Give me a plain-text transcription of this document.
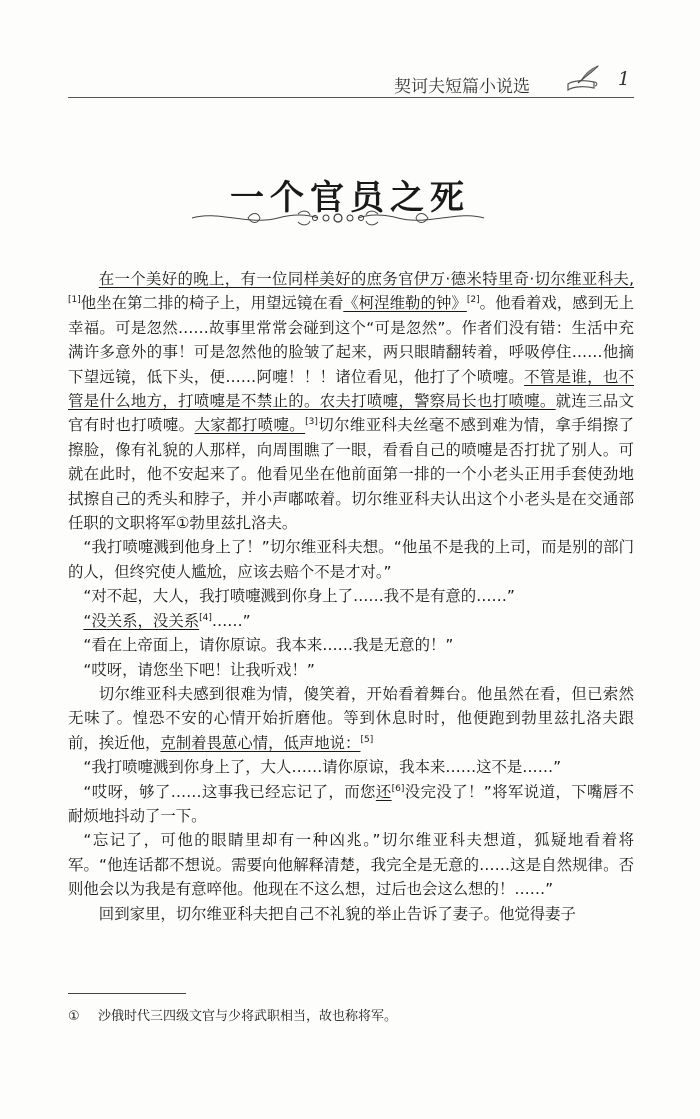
契诃夫短篇小说选	1
一个官员之死

在一个美好的晚上，有一位同样美好的庶务官伊万·德米特里奇·切尔维亚科夫,[1]他坐在第二排的椅子上，用望远镜在看《柯涅维勒的钟》[2]。他看着戏，感到无上幸福。可是忽然……故事里常常会碰到这个“可是忽然”。作者们没有错：生活中充满许多意外的事！可是忽然他的脸皱了起来，两只眼睛翻转着，呼吸停住……他摘下望远镜，低下头，便……阿嚏！！！诸位看见，他打了个喷嚏。不管是谁，也不管是什么地方，打喷嚏是不禁止的。农夫打喷嚏，警察局长也打喷嚏。就连三品文官有时也打喷嚏。大家都打喷嚏。[3]切尔维亚科夫丝毫不感到难为情，拿手绢擦了擦脸，像有礼貌的人那样，向周围瞧了一眼，看看自己的喷嚏是否打扰了别人。可就在此时，他不安起来了。他看见坐在他前面第一排的一个小老头正用手套使劲地拭擦自己的秃头和脖子，并小声嘟哝着。切尔维亚科夫认出这个小老头是在交通部任职的文职将军①勃里兹扎洛夫。

“我打喷嚏溅到他身上了！”切尔维亚科夫想。“他虽不是我的上司，而是别的部门的人，但终究使人尴尬，应该去赔个不是才对。”

“对不起，大人，我打喷嚏溅到你身上了……我不是有意的……”

“没关系，没关系[4]……”

“看在上帝面上，请你原谅。我本来……我是无意的！”

“哎呀，请您坐下吧！让我听戏！”

切尔维亚科夫感到很难为情，傻笑着，开始看着舞台。他虽然在看，但已索然无味了。惶恐不安的心情开始折磨他。等到休息时时，他便跑到勃里兹扎洛夫跟前，挨近他，克制着畏葸心情，低声地说：[5]

“我打喷嚏溅到你身上了，大人……请你原谅，我本来……这不是……”

“哎呀，够了……这事我已经忘记了，而您还[6]没完没了！”将军说道，下嘴唇不耐烦地抖动了一下。

“忘记了，可他的眼睛里却有一种凶兆。”切尔维亚科夫想道，狐疑地看着将军。“他连话都不想说。需要向他解释清楚，我完全是无意的……这是自然规律。否则他会以为我是有意啐他。他现在不这么想，过后也会这么想的！……”

回到家里，切尔维亚科夫把自己不礼貌的举止告诉了妻子。他觉得妻子

① 沙俄时代三四级文官与少将武职相当，故也称将军。
